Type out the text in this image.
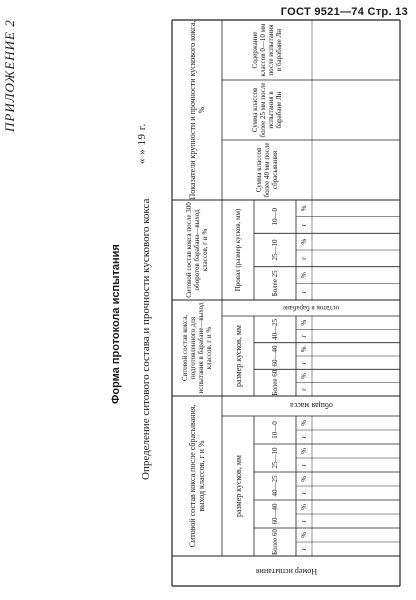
ГОСТ 9521—74 Стр. 13
ПРИЛОЖЕНИЕ 2
Форма протокола испытания Определение ситового состава и прочности кускового кокса
« » 19 г.
Номер испытания
Ситовой состав кокса после сбрасывания, выход классов, г и %
общая масса
размер кусков, мм
Более 60	г
%
60—40	г
%
40—25	г
%
25—10	г
%
10—0	г
%
Ситовой состав кокса, подготовленного для испытания в барабане—выход классов, г и %
остаток в барабане
размер кусков, мм	Более 60	г
%
60—40	г
%
40—25	г
%
Ситовой состав кокса после 300 оборотов барабана—выход классов, г и %	Провал (размер кусков, мм)	Более 25	г
%
25—10	г
%
10—0	г
%
Показатели крупности и прочности кускового кокса, %
Сумма классов более 40 мм после сбрасывания
Сумма классов более 25 мм после испытания в барабане Лн
Содержание классов 0—10 мм после испытания в барабане Лн
